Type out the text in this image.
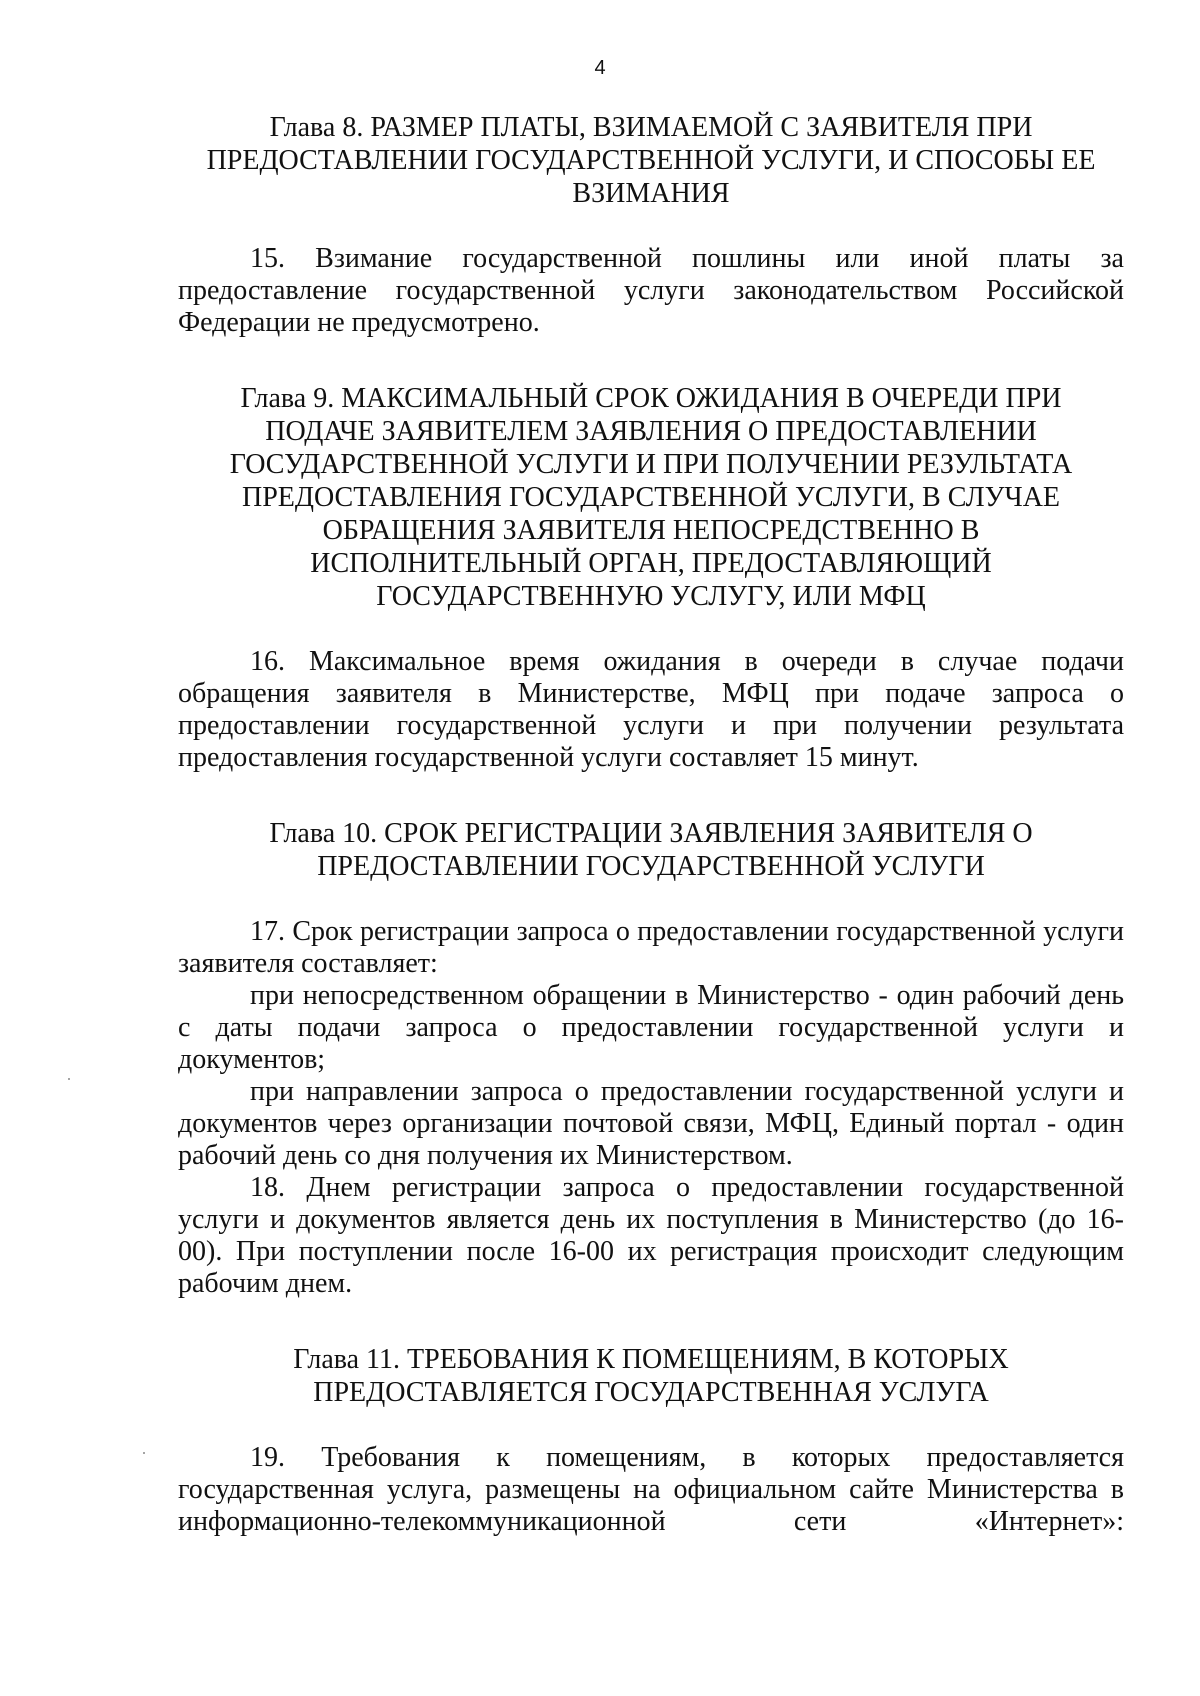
4
Глава 8. РАЗМЕР ПЛАТЫ, ВЗИМАЕМОЙ С ЗАЯВИТЕЛЯ ПРИ
ПРЕДОСТАВЛЕНИИ ГОСУДАРСТВЕННОЙ УСЛУГИ, И СПОСОБЫ ЕЕ
ВЗИМАНИЯ

15. Взимание государственной пошлины или иной платы за предоставление государственной услуги законодательством Российской Федерации не предусмотрено.

Глава 9. МАКСИМАЛЬНЫЙ СРОК ОЖИДАНИЯ В ОЧЕРЕДИ ПРИ
ПОДАЧЕ ЗАЯВИТЕЛЕМ ЗАЯВЛЕНИЯ О ПРЕДОСТАВЛЕНИИ
ГОСУДАРСТВЕННОЙ УСЛУГИ И ПРИ ПОЛУЧЕНИИ РЕЗУЛЬТАТА
ПРЕДОСТАВЛЕНИЯ ГОСУДАРСТВЕННОЙ УСЛУГИ, В СЛУЧАЕ
ОБРАЩЕНИЯ ЗАЯВИТЕЛЯ НЕПОСРЕДСТВЕННО В
ИСПОЛНИТЕЛЬНЫЙ ОРГАН, ПРЕДОСТАВЛЯЮЩИЙ
ГОСУДАРСТВЕННУЮ УСЛУГУ, ИЛИ МФЦ

16. Максимальное время ожидания в очереди в случае подачи обращения заявителя в Министерстве, МФЦ при подаче запроса о предоставлении государственной услуги и при получении результата предоставления государственной услуги составляет 15 минут.

Глава 10. СРОК РЕГИСТРАЦИИ ЗАЯВЛЕНИЯ ЗАЯВИТЕЛЯ О
ПРЕДОСТАВЛЕНИИ ГОСУДАРСТВЕННОЙ УСЛУГИ

17. Срок регистрации запроса о предоставлении государственной услуги заявителя составляет:

при непосредственном обращении в Министерство - один рабочий день с даты подачи запроса о предоставлении государственной услуги и документов;

при направлении запроса о предоставлении государственной услуги и документов через организации почтовой связи, МФЦ, Единый портал - один рабочий день со дня получения их Министерством.

18. Днем регистрации запроса о предоставлении государственной услуги и документов является день их поступления в Министерство (до 16-00). При поступлении после 16-00 их регистрация происходит следующим рабочим днем.

Глава 11. ТРЕБОВАНИЯ К ПОМЕЩЕНИЯМ, В КОТОРЫХ
ПРЕДОСТАВЛЯЕТСЯ ГОСУДАРСТВЕННАЯ УСЛУГА

19. Требования к помещениям, в которых предоставляется государственная услуга, размещены на официальном сайте Министерства в информационно-телекоммуникационной сети «Интернет»:
